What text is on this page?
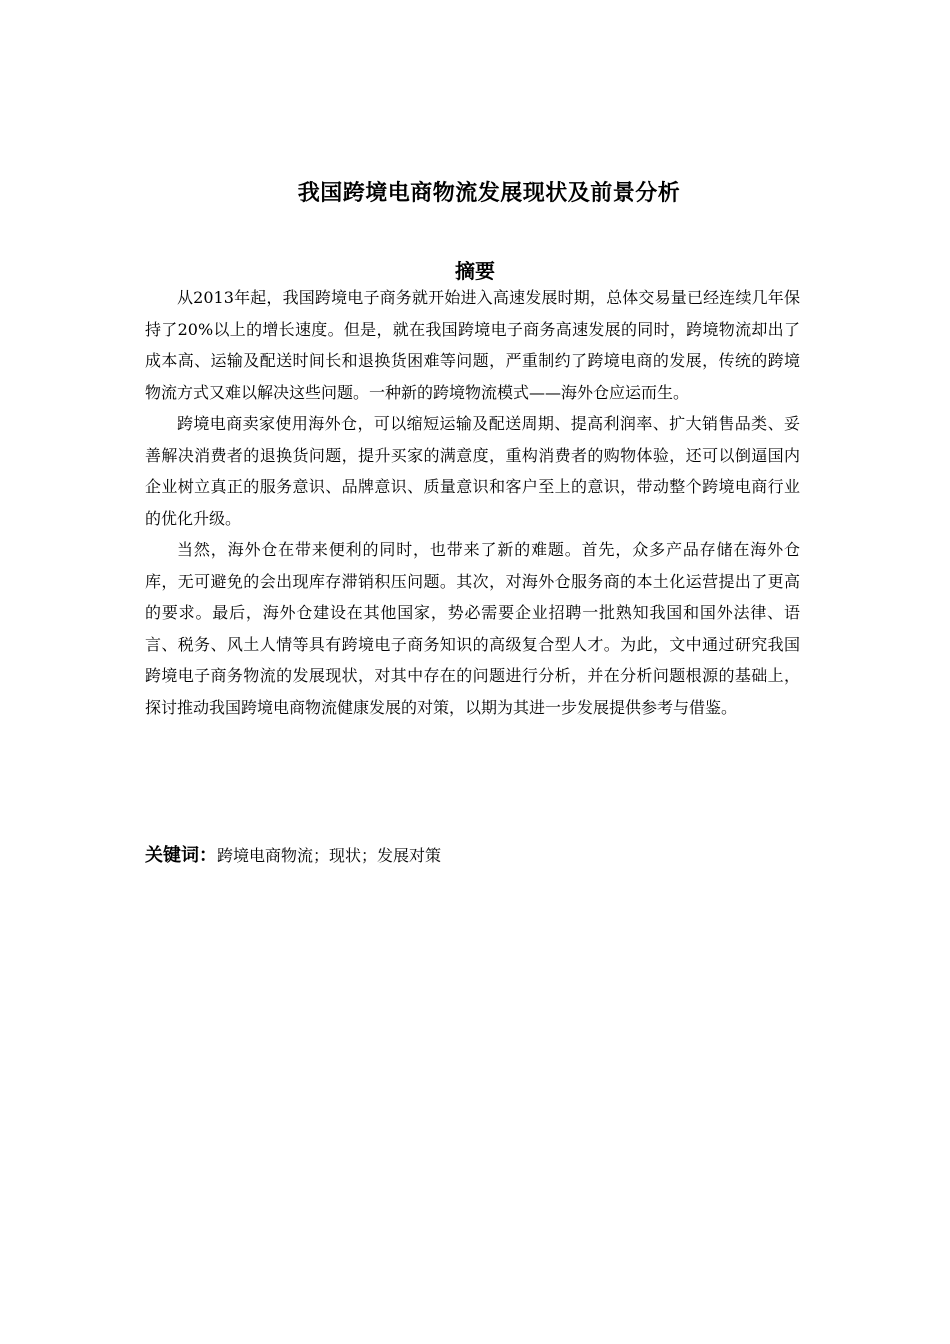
我国跨境电商物流发展现状及前景分析
摘要

从2013年起，我国跨境电子商务就开始进入高速发展时期，总体交易量已经连续几年保持了20%以上的增长速度。但是，就在我国跨境电子商务高速发展的同时，跨境物流却出了成本高、运输及配送时间长和退换货困难等问题，严重制约了跨境电商的发展，传统的跨境物流方式又难以解决这些问题。一种新的跨境物流模式——海外仓应运而生。

跨境电商卖家使用海外仓，可以缩短运输及配送周期、提高利润率、扩大销售品类、妥善解决消费者的退换货问题，提升买家的满意度，重构消费者的购物体验，还可以倒逼国内企业树立真正的服务意识、品牌意识、质量意识和客户至上的意识，带动整个跨境电商行业的优化升级。

当然，海外仓在带来便利的同时，也带来了新的难题。首先，众多产品存储在海外仓库，无可避免的会出现库存滞销积压问题。其次，对海外仓服务商的本土化运营提出了更高的要求。最后，海外仓建设在其他国家，势必需要企业招聘一批熟知我国和国外法律、语言、税务、风土人情等具有跨境电子商务知识的高级复合型人才。为此，文中通过研究我国跨境电子商务物流的发展现状，对其中存在的问题进行分析，并在分析问题根源的基础上，探讨推动我国跨境电商物流健康发展的对策，以期为其进一步发展提供参考与借鉴。

关键词：跨境电商物流；现状；发展对策
